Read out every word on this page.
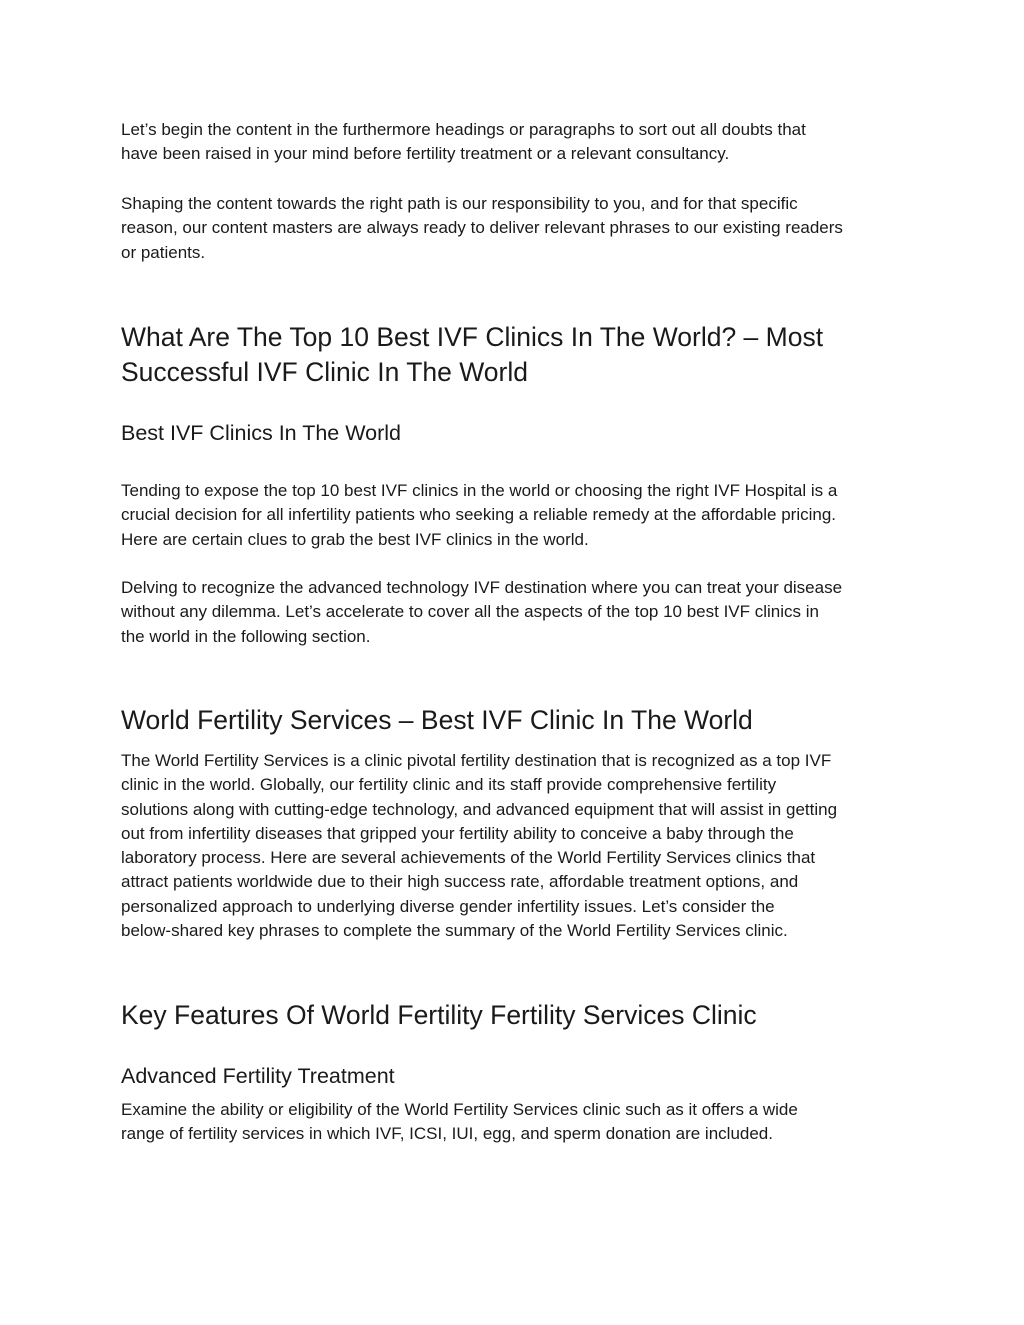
Let’s begin the content in the furthermore headings or paragraphs to sort out all doubts that
have been raised in your mind before fertility treatment or a relevant consultancy.

Shaping the content towards the right path is our responsibility to you, and for that specific
reason, our content masters are always ready to deliver relevant phrases to our existing readers
or patients.

What Are The Top 10 Best IVF Clinics In The World? – Most
Successful IVF Clinic In The World
Best IVF Clinics In The World

Tending to expose the top 10 best IVF clinics in the world or choosing the right IVF Hospital is a
crucial decision for all infertility patients who seeking a reliable remedy at the affordable pricing.
Here are certain clues to grab the best IVF clinics in the world.

Delving to recognize the advanced technology IVF destination where you can treat your disease
without any dilemma. Let’s accelerate to cover all the aspects of the top 10 best IVF clinics in
the world in the following section.

World Fertility Services – Best IVF Clinic In The World

The World Fertility Services is a clinic pivotal fertility destination that is recognized as a top IVF
clinic in the world. Globally, our fertility clinic and its staff provide comprehensive fertility
solutions along with cutting-edge technology, and advanced equipment that will assist in getting
out from infertility diseases that gripped your fertility ability to conceive a baby through the
laboratory process. Here are several achievements of the World Fertility Services clinics that
attract patients worldwide due to their high success rate, affordable treatment options, and
personalized approach to underlying diverse gender infertility issues. Let’s consider the
below-shared key phrases to complete the summary of the World Fertility Services clinic.

Key Features Of World Fertility Fertility Services Clinic
Advanced Fertility Treatment

Examine the ability or eligibility of the World Fertility Services clinic such as it offers a wide
range of fertility services in which IVF, ICSI, IUI, egg, and sperm donation are included.
